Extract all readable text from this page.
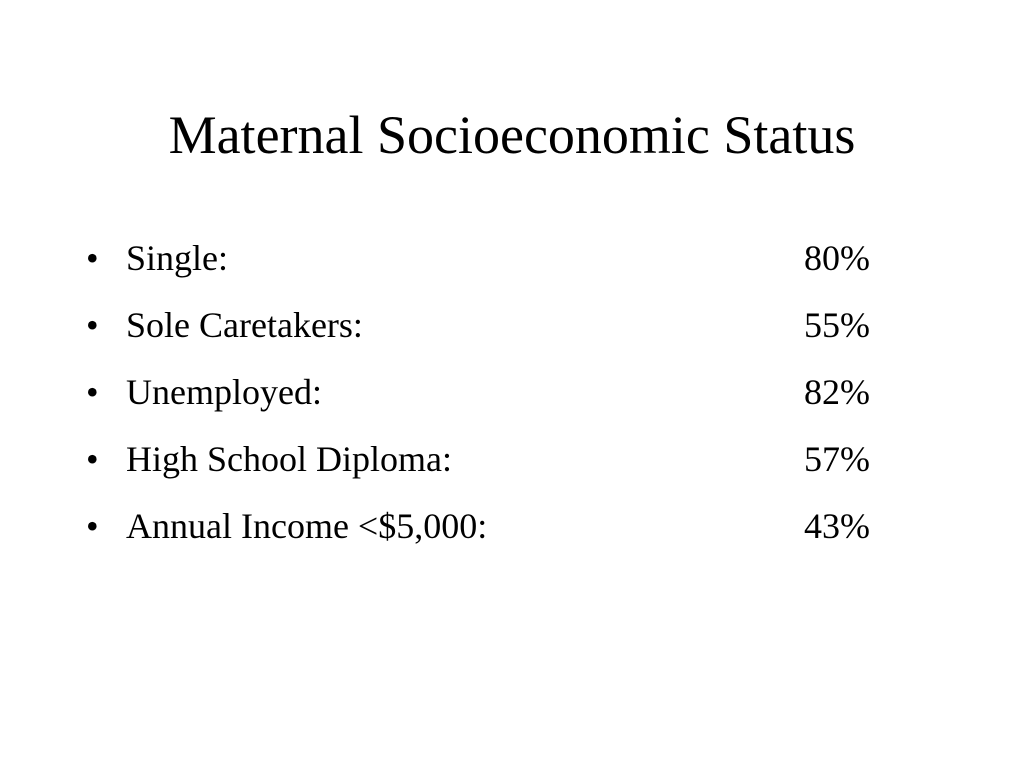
Maternal Socioeconomic Status
• Single:	80%
• Sole Caretakers:	55%
• Unemployed:	82%
• High School Diploma:	57%
• Annual Income <$5,000:	43%
